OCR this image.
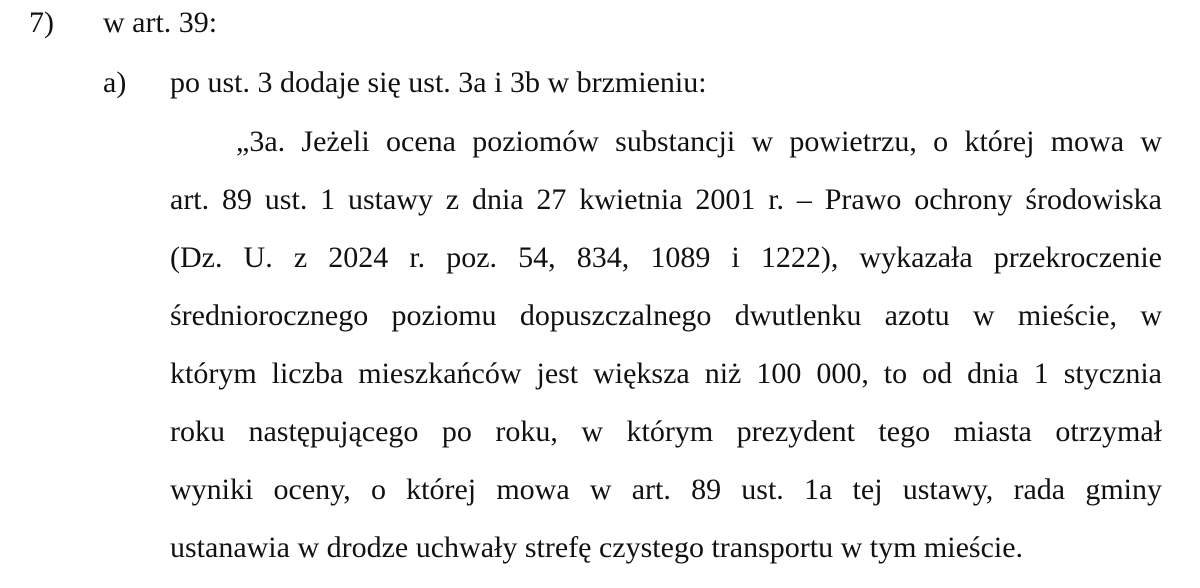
7) w art. 39:
a) po ust. 3 dodaje się ust. 3a i 3b w brzmieniu:
„3a. Jeżeli ocena poziomów substancji w powietrzu, o której mowa w
art. 89 ust. 1 ustawy z dnia 27 kwietnia 2001 r. – Prawo ochrony środowiska
(Dz. U. z 2024 r. poz. 54, 834, 1089 i 1222), wykazała przekroczenie
średniorocznego poziomu dopuszczalnego dwutlenku azotu w mieście, w
którym liczba mieszkańców jest większa niż 100 000, to od dnia 1 stycznia
roku następującego po roku, w którym prezydent tego miasta otrzymał
wyniki oceny, o której mowa w art. 89 ust. 1a tej ustawy, rada gminy
ustanawia w drodze uchwały strefę czystego transportu w tym mieście.
